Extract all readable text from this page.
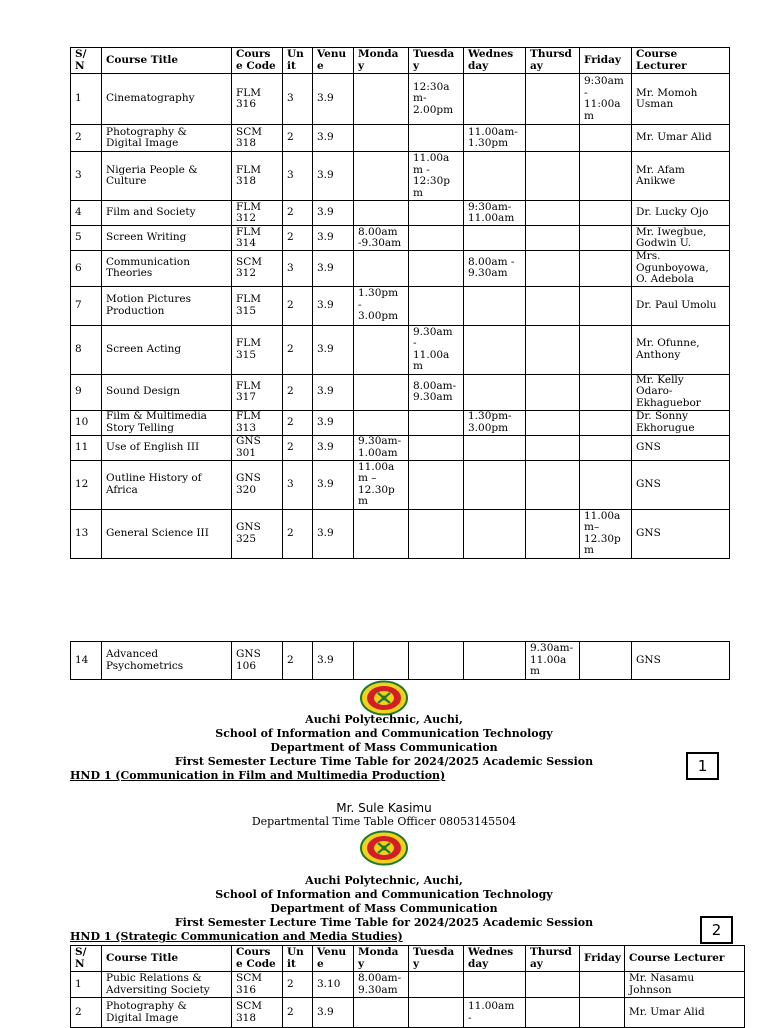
S/
N	Course Title	Cours
e Code	Un
it	Venu
e	Monda
y	Tuesda
y	Wednes
day	Thursd
ay	Friday	Course
Lecturer
1	Cinematography	FLM
316	3	3.9		12:30a
m-
2.00pm			9:30am
-
11:00a
m	Mr. Momoh
Usman
2	Photography &
Digital Image	SCM
318	2	3.9			11.00am-
1.30pm			Mr. Umar Alid
3	Nigeria People &
Culture	FLM
318	3	3.9		11.00a
m -
12:30p
m				Mr. Afam
Anikwe
4	Film and Society	FLM
312	2	3.9			9:30am-
11.00am			Dr. Lucky Ojo
5	Screen Writing	FLM
314	2	3.9	8.00am
-9.30am					Mr. Iwegbue,
Godwin U.
6	Communication
Theories	SCM
312	3	3.9			8.00am -
9.30am			Mrs.
Ogunboyowa,
O. Adebola
7	Motion Pictures
Production	FLM
315	2	3.9	1.30pm
-
3.00pm					Dr. Paul Umolu
8	Screen Acting	FLM
315	2	3.9		9.30am
-
11.00a
m				Mr. Ofunne,
Anthony
9	Sound Design	FLM
317	2	3.9		8.00am-
9.30am				Mr. Kelly
Odaro-
Ekhaguebor
10	Film & Multimedia
Story Telling	FLM
313	2	3.9			1.30pm-
3.00pm			Dr. Sonny
Ekhorugue
11	Use of English III	GNS
301	2	3.9	9.30am-
1.00am					GNS
12	Outline History of
Africa	GNS
320	3	3.9	11.00a
m –
12.30p
m					GNS
13	General Science III	GNS
325	2	3.9					11.00a
m–
12.30p
m	GNS
14	Advanced
Psychometrics	GNS
106	2	3.9				9.30am-
11.00a
m		GNS
Auchi Polytechnic, Auchi,
School of Information and Communication Technology
Department of Mass Communication
First Semester Lecture Time Table for 2024/2025 Academic Session
HND 1 (Communication in Film and Multimedia Production)
1
Mr. Sule Kasimu
Departmental Time Table Officer 08053145504
Auchi Polytechnic, Auchi,
School of Information and Communication Technology
Department of Mass Communication
First Semester Lecture Time Table for 2024/2025 Academic Session
HND 1 (Strategic Communication and Media Studies)	2
S/
N	Course Title	Cours
e Code	Un
it	Venu
e	Monda
y	Tuesda
y	Wednes
day	Thursd
ay	Friday	Course Lecturer
1	Pubic Relations &
Adversiting Society	SCM
316	2	3.10	8.00am-
9.30am					Mr. Nasamu
Johnson
2	Photography &
Digital Image	SCM
318	2	3.9			11.00am
-			Mr. Umar Alid
